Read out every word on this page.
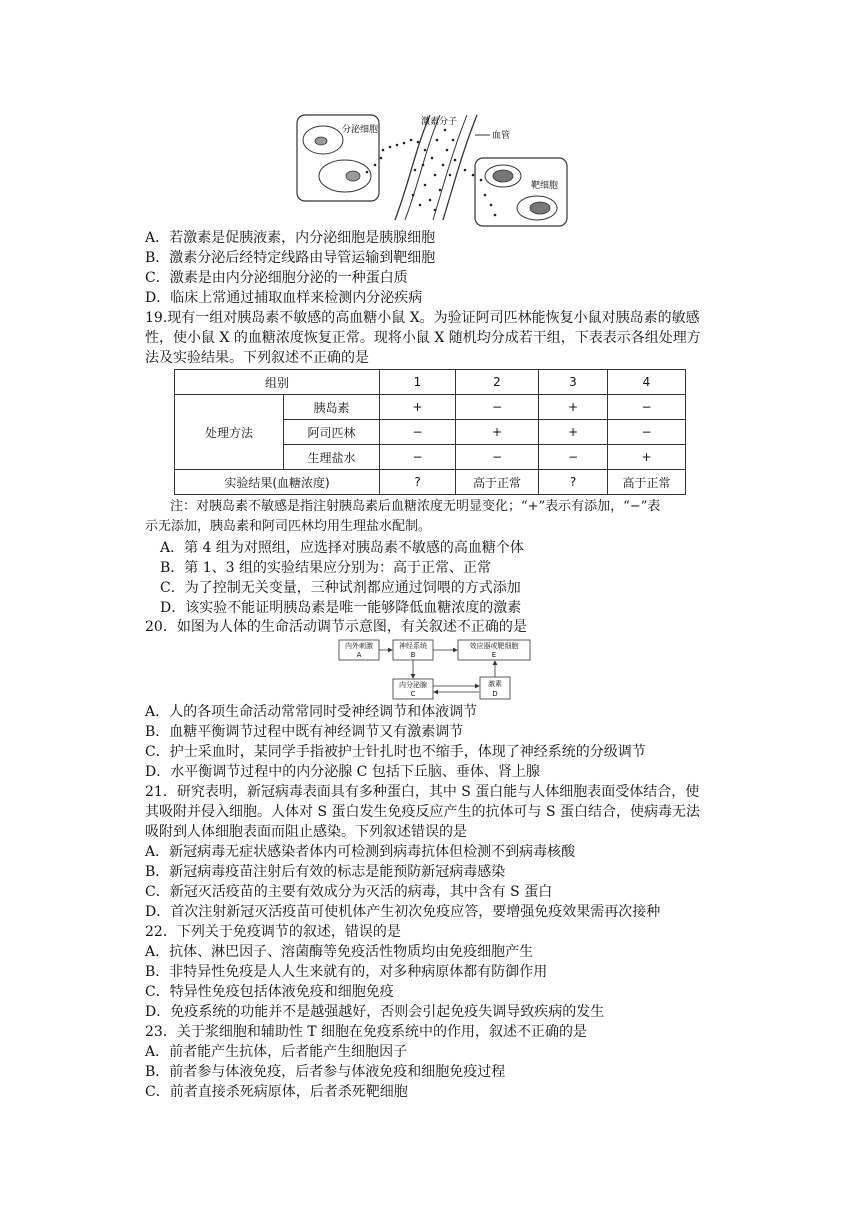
分泌细胞
激素分子
血管
靶细胞
A．若激素是促胰液素，内分泌细胞是胰腺细胞
B．激素分泌后经特定线路由导管运输到靶细胞
C．激素是由内分泌细胞分泌的一种蛋白质
D．临床上常通过捕取血样来检测内分泌疾病
19.现有一组对胰岛素不敏感的高血糖小鼠 X。为验证阿司匹林能恢复小鼠对胰岛素的敏感
性，使小鼠 X 的血糖浓度恢复正常。现将小鼠 X 随机均分成若干组，下表表示各组处理方
法及实验结果。下列叙述不正确的是
组别		1	2	3	4
处理方法	胰岛素	+	−	+	−
	阿司匹林	−	+	+	−
	生理盐水	−	−	−	+
实验结果(血糖浓度)		?	高于正常	?	高于正常
注：对胰岛素不敏感是指注射胰岛素后血糖浓度无明显变化；“+”表示有添加，“−”表
示无添加，胰岛素和阿司匹林均用生理盐水配制。
A．第 4 组为对照组，应选择对胰岛素不敏感的高血糖个体
B．第 1、3 组的实验结果应分别为：高于正常、正常
C．为了控制无关变量，三种试剂都应通过饲喂的方式添加
D．该实验不能证明胰岛素是唯一能够降低血糖浓度的激素
20．如图为人体的生命活动调节示意图，有关叙述不正确的是
内外刺激
A
神经系统
B
效应器或靶细胞
E
内分泌腺
C
激素
D
A．人的各项生命活动常常同时受神经调节和体液调节
B．血糖平衡调节过程中既有神经调节又有激素调节
C．护士采血时，某同学手指被护士针扎时也不缩手，体现了神经系统的分级调节
D．水平衡调节过程中的内分泌腺 C 包括下丘脑、垂体、肾上腺
21．研究表明，新冠病毒表面具有多种蛋白，其中 S 蛋白能与人体细胞表面受体结合，使
其吸附并侵入细胞。人体对 S 蛋白发生免疫反应产生的抗体可与 S 蛋白结合，使病毒无法
吸附到人体细胞表面而阻止感染。下列叙述错误的是
A．新冠病毒无症状感染者体内可检测到病毒抗体但检测不到病毒核酸
B．新冠病毒疫苗注射后有效的标志是能预防新冠病毒感染
C．新冠灭活疫苗的主要有效成分为灭活的病毒，其中含有 S 蛋白
D．首次注射新冠灭活疫苗可使机体产生初次免疫应答，要增强免疫效果需再次接种
22．下列关于免疫调节的叙述，错误的是
A．抗体、淋巴因子、溶菌酶等免疫活性物质均由免疫细胞产生
B．非特异性免疫是人人生来就有的，对多种病原体都有防御作用
C．特异性免疫包括体液免疫和细胞免疫
D．免疫系统的功能并不是越强越好，否则会引起免疫失调导致疾病的发生
23．关于浆细胞和辅助性 T 细胞在免疫系统中的作用，叙述不正确的是
A．前者能产生抗体，后者能产生细胞因子
B．前者参与体液免疫，后者参与体液免疫和细胞免疫过程
C．前者直接杀死病原体，后者杀死靶细胞
